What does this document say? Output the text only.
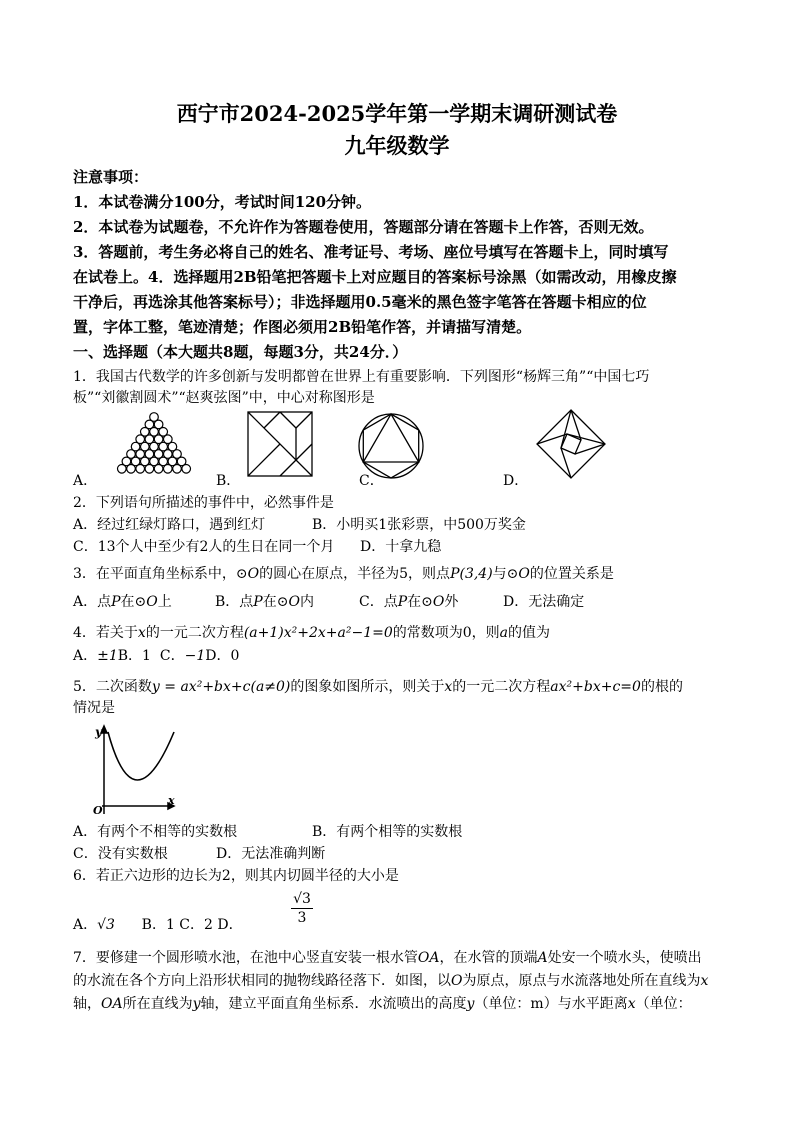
西宁市2024-2025学年第一学期末调研测试卷
九年级数学
注意事项：
1．本试卷满分100分，考试时间120分钟。
2．本试卷为试题卷，不允许作为答题卷使用，答题部分请在答题卡上作答，否则无效。
3．答题前，考生务必将自己的姓名、准考证号、考场、座位号填写在答题卡上，同时填写
在试卷上。4．选择题用2B铅笔把答题卡上对应题目的答案标号涂黑（如需改动，用橡皮擦
干净后，再选涂其他答案标号）；非选择题用0.5毫米的黑色签字笔答在答题卡相应的位
置，字体工整，笔迹清楚；作图必须用2B铅笔作答，并请描写清楚。
一、选择题（本大题共8题，每题3分，共24分．）
1．我国古代数学的许多创新与发明都曾在世界上有重要影响．下列图形“杨辉三角”“中国七巧
板”“刘徽割圆术”“赵爽弦图”中，中心对称图形是
A．	B．	C．	D．
2．下列语句所描述的事件中，必然事件是
A．经过红绿灯路口，遇到红灯	B．小明买1张彩票，中500万奖金
C．13个人中至少有2人的生日在同一个月 D．十拿九稳
3．在平面直角坐标系中，⊙O的圆心在原点，半径为5，则点P(3,4)与⊙O的位置关系是
A．点P在⊙O上	B．点P在⊙O内	C．点P在⊙O外	D．无法确定
4．若关于x的一元二次方程(a+1)x²+2x+a²−1=0的常数项为0，则a的值为
A．±1B．1 C．−1D．0
5．二次函数y = ax²+bx+c(a≠0)的图象如图所示，则关于x的一元二次方程ax²+bx+c=0的根的
情况是
y
x
O
A．有两个不相等的实数根	B．有两个相等的实数根
C．没有实数根	D．无法准确判断
6．若正六边形的边长为2，则其内切圆半径的大小是
A．√3 B．1 C．2 D．	$\frac{√3}{3}$
7．要修建一个圆形喷水池，在池中心竖直安装一根水管OA，在水管的顶端A处安一个喷水头，使喷出
的水流在各个方向上沿形状相同的抛物线路径落下．如图，以O为原点，原点与水流落地处所在直线为x
轴，OA所在直线为y轴，建立平面直角坐标系．水流喷出的高度y（单位：m）与水平距离x（单位：
